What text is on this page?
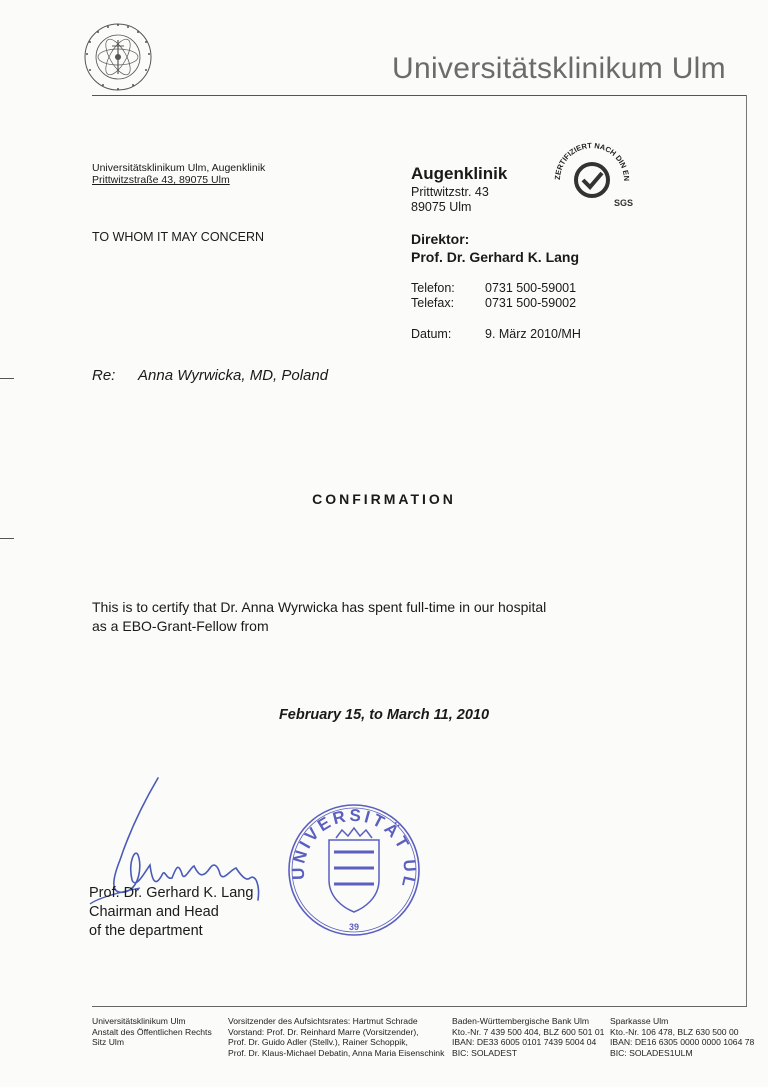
Universitätsklinikum Ulm
Universitätsklinikum Ulm, Augenklinik
Prittwitzstraße 43, 89075 Ulm
TO WHOM IT MAY CONCERN
Augenklinik
Prittwitzstr. 43
89075 Ulm
Direktor:
Prof. Dr. Gerhard K. Lang
Telefon:	0731 500-59001
Telefax:	0731 500-59002
Datum:	9. März 2010/MH
ZERTIFIZIERT NACH DIN EN
SGS
Re: Anna Wyrwicka, MD, Poland
CONFIRMATION
This is to certify that Dr. Anna Wyrwicka has spent full-time in our hospital
as a EBO-Grant-Fellow from
February 15, to March 11, 2010
Prof. Dr. Gerhard K. Lang
Chairman and Head
of the department
UNIVERSITÄT UL
39
Universitätsklinikum Ulm
Anstalt des Öffentlichen Rechts
Sitz Ulm
Vorsitzender des Aufsichtsrates: Hartmut Schrade
Vorstand: Prof. Dr. Reinhard Marre (Vorsitzender),
Prof. Dr. Guido Adler (Stellv.), Rainer Schoppik,
Prof. Dr. Klaus-Michael Debatin, Anna Maria Eisenschink
Baden-Württembergische Bank Ulm
Kto.-Nr. 7 439 500 404, BLZ 600 501 01
IBAN: DE33 6005 0101 7439 5004 04
BIC: SOLADEST
Sparkasse Ulm
Kto.-Nr. 106 478, BLZ 630 500 00
IBAN: DE16 6305 0000 0000 1064 78
BIC: SOLADES1ULM
